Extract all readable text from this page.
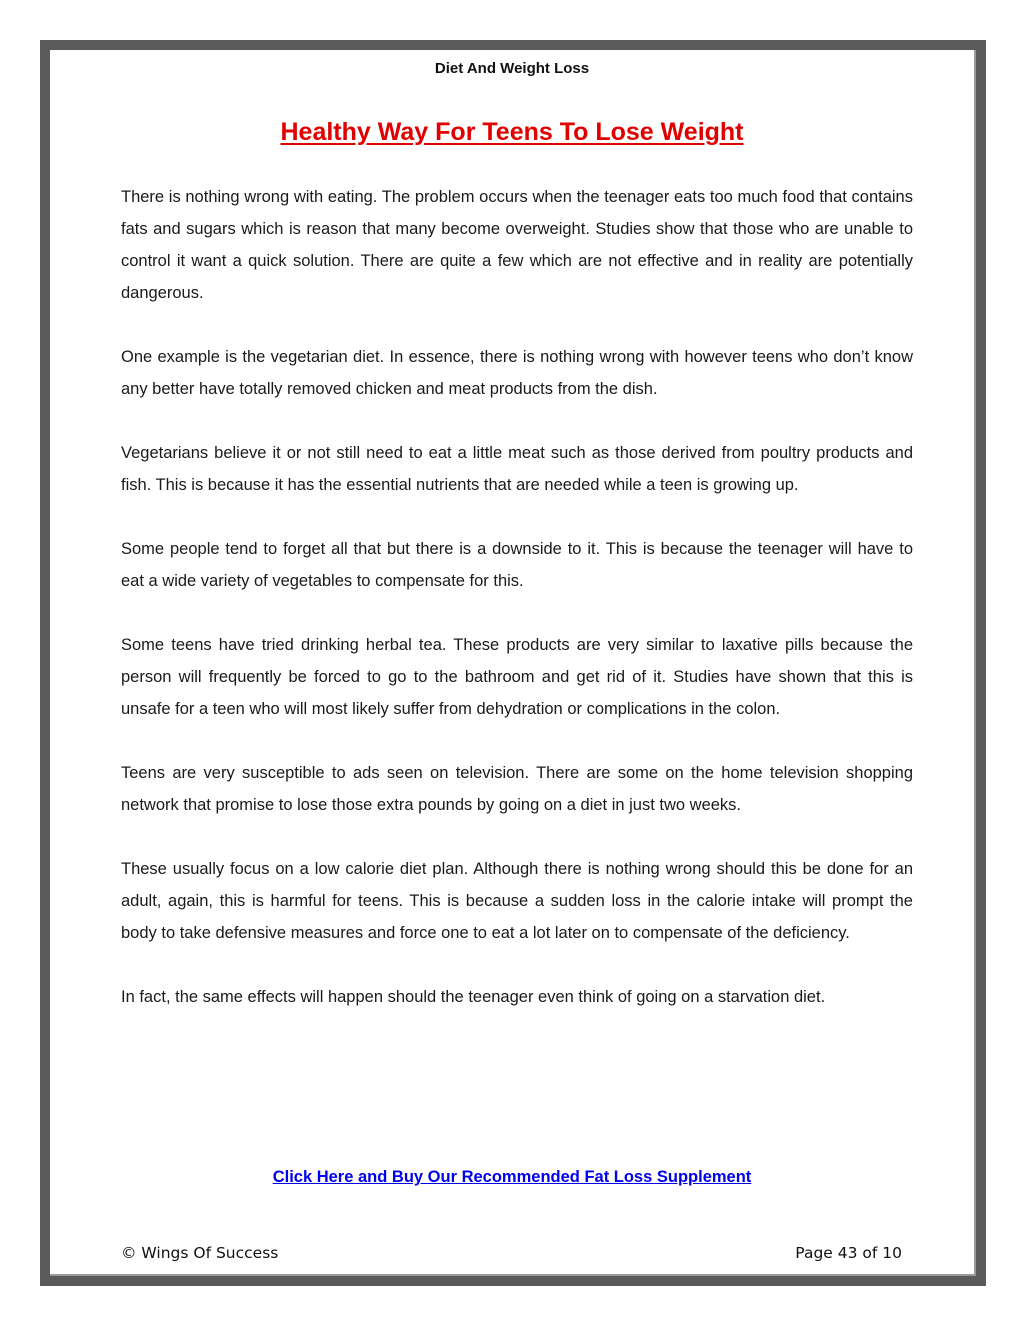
Diet And Weight Loss
Healthy Way For Teens To Lose Weight

There is nothing wrong with eating. The problem occurs when the teenager eats too much food that contains fats and sugars which is reason that many become overweight. Studies show that those who are unable to control it want a quick solution. There are quite a few which are not effective and in reality are potentially dangerous.

One example is the vegetarian diet. In essence, there is nothing wrong with however teens who don’t know any better have totally removed chicken and meat products from the dish.

Vegetarians believe it or not still need to eat a little meat such as those derived from poultry products and fish. This is because it has the essential nutrients that are needed while a teen is growing up.

Some people tend to forget all that but there is a downside to it. This is because the teenager will have to eat a wide variety of vegetables to compensate for this.

Some teens have tried drinking herbal tea. These products are very similar to laxative pills because the person will frequently be forced to go to the bathroom and get rid of it. Studies have shown that this is unsafe for a teen who will most likely suffer from dehydration or complications in the colon.

Teens are very susceptible to ads seen on television. There are some on the home television shopping network that promise to lose those extra pounds by going on a diet in just two weeks.

These usually focus on a low calorie diet plan. Although there is nothing wrong should this be done for an adult, again, this is harmful for teens. This is because a sudden loss in the calorie intake will prompt the body to take defensive measures and force one to eat a lot later on to compensate of the deficiency.

In fact, the same effects will happen should the teenager even think of going on a starvation diet.

Click Here and Buy Our Recommended Fat Loss Supplement
© Wings Of Success	Page 43 of 10
